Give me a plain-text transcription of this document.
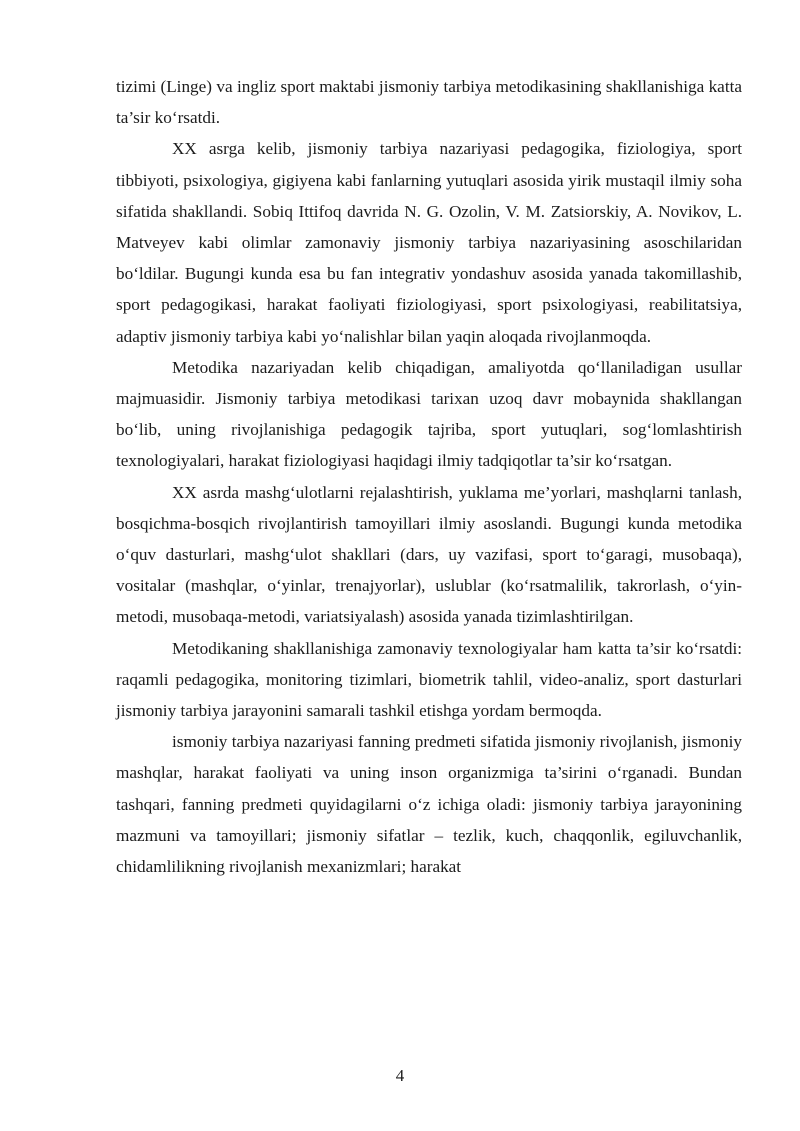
tizimi (Linge) va ingliz sport maktabi jismoniy tarbiya metodikasining shakllanishiga katta ta’sir ko‘rsatdi.

XX asrga kelib, jismoniy tarbiya nazariyasi pedagogika, fiziologiya, sport tibbiyoti, psixologiya, gigiyena kabi fanlarning yutuqlari asosida yirik mustaqil ilmiy soha sifatida shakllandi. Sobiq Ittifoq davrida N. G. Ozolin, V. M. Zatsiorskiy, A. Novikov, L. Matveyev kabi olimlar zamonaviy jismoniy tarbiya nazariyasining asoschilaridan bo‘ldilar. Bugungi kunda esa bu fan integrativ yondashuv asosida yanada takomillashib, sport pedagogikasi, harakat faoliyati fiziologiyasi, sport psixologiyasi, reabilitatsiya, adaptiv jismoniy tarbiya kabi yo‘nalishlar bilan yaqin aloqada rivojlanmoqda.

Metodika nazariyadan kelib chiqadigan, amaliyotda qo‘llaniladigan usullar majmuasidir. Jismoniy tarbiya metodikasi tarixan uzoq davr mobaynida shakllangan bo‘lib, uning rivojlanishiga pedagogik tajriba, sport yutuqlari, sog‘lomlashtirish texnologiyalari, harakat fiziologiyasi haqidagi ilmiy tadqiqotlar ta’sir ko‘rsatgan.

XX asrda mashg‘ulotlarni rejalashtirish, yuklama me’yorlari, mashqlarni tanlash, bosqichma-bosqich rivojlantirish tamoyillari ilmiy asoslandi. Bugungi kunda metodika o‘quv dasturlari, mashg‘ulot shakllari (dars, uy vazifasi, sport to‘garagi, musobaqa), vositalar (mashqlar, o‘yinlar, trenajyorlar), uslublar (ko‘rsatmalilik, takrorlash, o‘yin-metodi, musobaqa-metodi, variatsiyalash) asosida yanada tizimlashtirilgan.

Metodikaning shakllanishiga zamonaviy texnologiyalar ham katta ta’sir ko‘rsatdi: raqamli pedagogika, monitoring tizimlari, biometrik tahlil, video-analiz, sport dasturlari jismoniy tarbiya jarayonini samarali tashkil etishga yordam bermoqda.

ismoniy tarbiya nazariyasi fanning predmeti sifatida jismoniy rivojlanish, jismoniy mashqlar, harakat faoliyati va uning inson organizmiga ta’sirini o‘rganadi. Bundan tashqari, fanning predmeti quyidagilarni o‘z ichiga oladi: jismoniy tarbiya jarayonining mazmuni va tamoyillari; jismoniy sifatlar – tezlik, kuch, chaqqonlik, egiluvchanlik, chidamlilikning rivojlanish mexanizmlari; harakat

4
